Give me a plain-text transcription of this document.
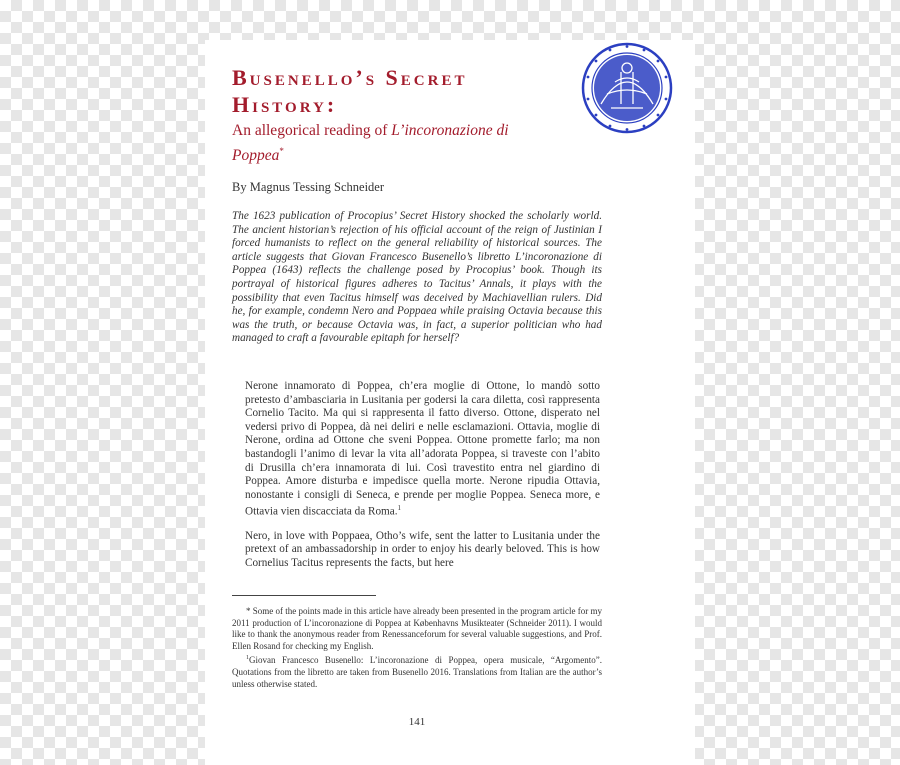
Busenello’s Secret
History:
An allegorical reading of L’incoronazione di Poppea*
By Magnus Tessing Schneider
The 1623 publication of Procopius’ Secret History shocked the scholarly world. The ancient historian’s rejection of his official account of the reign of Justinian I forced humanists to reflect on the general reliability of historical sources. The article suggests that Giovan Francesco Busenello’s libretto L’incoronazione di Poppea (1643) reflects the challenge posed by Procopius’ book. Though its portrayal of historical figures adheres to Tacitus’ Annals, it plays with the possibility that even Tacitus himself was deceived by Machiavellian rulers. Did he, for example, condemn Nero and Poppaea while praising Octavia because this was the truth, or because Octavia was, in fact, a superior politician who had managed to craft a favourable epitaph for herself?

Nerone innamorato di Poppea, ch’era moglie di Ottone, lo mandò sotto pretesto d’ambasciaria in Lusitania per godersi la cara diletta, così rappresenta Cornelio Tacito. Ma qui si rappresenta il fatto diverso. Ottone, disperato nel vedersi privo di Poppea, dà nei deliri e nelle esclamazioni. Ottavia, moglie di Nerone, ordina ad Ottone che sveni Poppea. Ottone promette farlo; ma non bastandogli l’animo di levar la vita all’adorata Poppea, si traveste con l’abito di Drusilla ch’era innamorata di lui. Così travestito entra nel giardino di Poppea. Amore disturba e impedisce quella morte. Nerone ripudia Ottavia, nonostante i consigli di Seneca, e prende per moglie Poppea. Seneca more, e Ottavia vien discacciata da Roma.$^1$

Nero, in love with Poppaea, Otho’s wife, sent the latter to Lusitania under the pretext of an ambassadorship in order to enjoy his dearly beloved. This is how Cornelius Tacitus represents the facts, but here

* Some of the points made in this article have already been presented in the program article for my 2011 production of L’incoronazione di Poppea at Københavns Musikteater (Schneider 2011). I would like to thank the anonymous reader from Renessanceforum for several valuable suggestions, and Prof. Ellen Rosand for checking my English.

$^1$Giovan Francesco Busenello: L’incoronazione di Poppea, opera musicale, “Argomento”. Quotations from the libretto are taken from Busenello 2016. Translations from Italian are the author’s unless otherwise stated.

141
